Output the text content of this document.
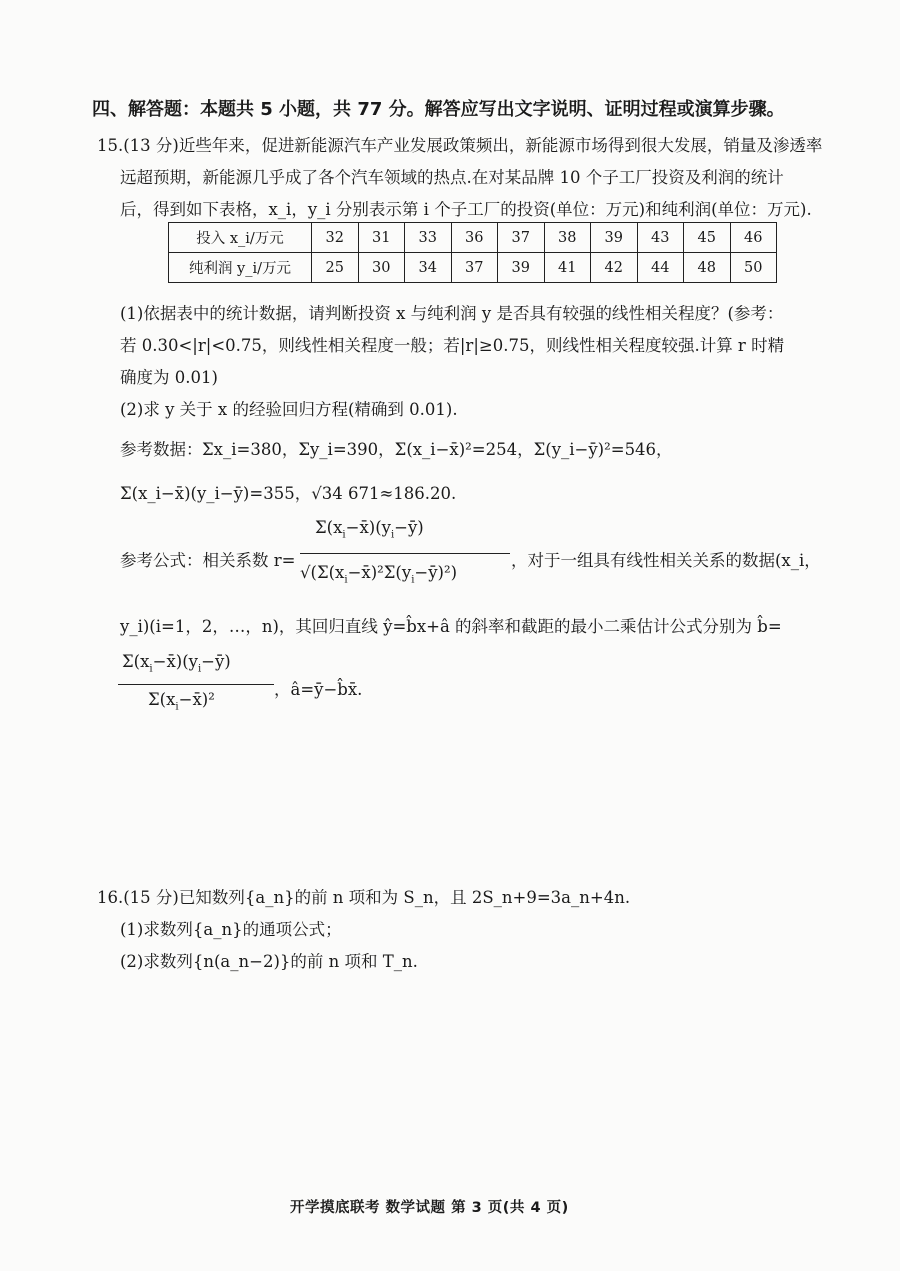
四、解答题：本题共 5 小题，共 77 分。解答应写出文字说明、证明过程或演算步骤。
15.(13 分)近些年来，促进新能源汽车产业发展政策频出，新能源市场得到很大发展，销量及渗透率
远超预期，新能源几乎成了各个汽车领域的热点.在对某品牌 10 个子工厂投资及利润的统计
后，得到如下表格，x_i，y_i 分别表示第 i 个子工厂的投资(单位：万元)和纯利润(单位：万元).
投入 x_i/万元	32	31	33	36	37	38	39	43	45	46
纯利润 y_i/万元	25	30	34	37	39	41	42	44	48	50
(1)依据表中的统计数据，请判断投资 x 与纯利润 y 是否具有较强的线性相关程度？(参考：
若 0.30<|r|<0.75，则线性相关程度一般；若|r|≥0.75，则线性相关程度较强.计算 r 时精
确度为 0.01)
(2)求 y 关于 x 的经验回归方程(精确到 0.01).
参考数据： Σx_i=380，Σy_i=390，Σ(x_i−x̄)²=254，Σ(y_i−ȳ)²=546，
Σ(x_i−x̄)(y_i−ȳ)=355，√34 671≈186.20.
参考公式：相关系数 r=
$\Sigma(x_i-x̄)(y_i-ȳ)$
$√(\Sigma(x_i-x̄)^2\Sigma(y_i-ȳ)^2)$
，对于一组具有线性相关关系的数据(x_i，
y_i)(i=1，2，…，n)，其回归直线 ŷ=b̂x+â 的斜率和截距的最小二乘估计公式分别为 b̂=
$\Sigma(x_i-x̄)(y_i-ȳ)$
$\Sigma(x_i-x̄)^2$
，â=ȳ−b̂x̄.
16.(15 分)已知数列{a_n}的前 n 项和为 S_n，且 2S_n+9=3a_n+4n.
(1)求数列{a_n}的通项公式；
(2)求数列{n(a_n−2)}的前 n 项和 T_n.
开学摸底联考 数学试题 第 3 页(共 4 页)
